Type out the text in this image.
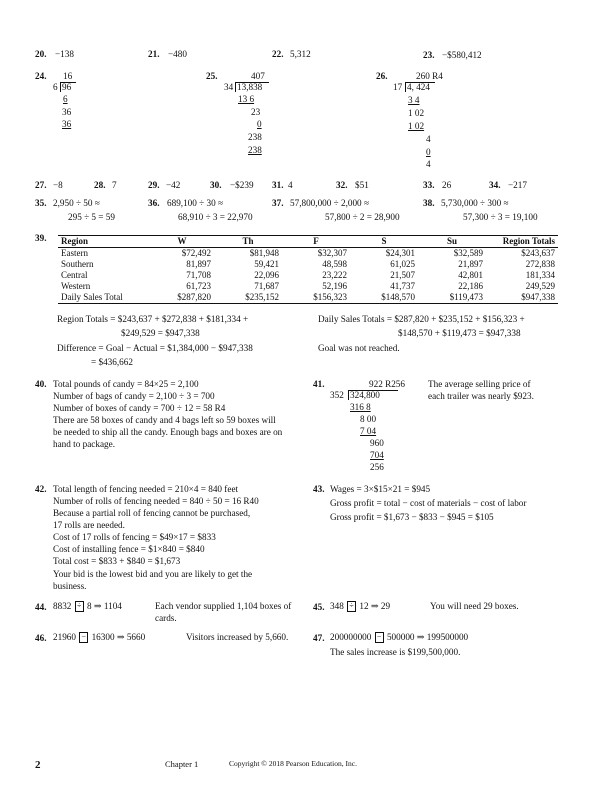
20. −138	21. −480	22. 5,312	23. −$580,412
24. 16
6 96
6
36
36
25.	407
34 13,838
13 6
23
0
238
238
26.	260 R4
17 4, 424
3 4
1 02
1 02
4
0
4
27. −8	28. 7	29. −42	30. −$239 31. 4	32. $51	33. 26	34. −217
35. 2,950 ÷ 50 ≈
295 ÷ 5 = 59
36. 689,100 ÷ 30 ≈
68,910 ÷ 3 = 22,970
37. 57,800,000 ÷ 2,000 ≈
57,800 ÷ 2 = 28,900
38. 5,730,000 ÷ 300 ≈
57,300 ÷ 3 = 19,100
39. Region	W	Th	F	S	Su	Region Totals
Eastern	$72,492	$81,948	$32,307	$24,301	$32,589	$243,637
Southern	81,897	59,421	48,598	61,025	21,897	272,838
Central	71,708	22,096	23,222	21,507	42,801	181,334
Western	61,723	71,687	52,196	41,737	22,186	249,529
Daily Sales Total	$287,820	$235,152	$156,323	$148,570	$119,473	$947,338
Region Totals = $243,637 + $272,838 + $181,334 +
$249,529 = $947,338
Difference = Goal − Actual = $1,384,000 − $947,338
= $436,662
Daily Sales Totals = $287,820 + $235,152 + $156,323 +
$148,570 + $119,473 = $947,338
Goal was not reached.
40. Total pounds of candy = 84×25 = 2,100
Number of bags of candy = 2,100 ÷ 3 = 700
Number of boxes of candy = 700 ÷ 12 = 58 R4
There are 58 boxes of candy and 4 bags left so 59 boxes will
be needed to ship all the candy. Enough bags and boxes are on
hand to package.
41.	922 R256
352 324,800
316 8
8 00
7 04
960
704
256
The average selling price of
each trailer was nearly $923.
42. Total length of fencing needed = 210×4 = 840 feet
Number of rolls of fencing needed = 840 ÷ 50 = 16 R40
Because a partial roll of fencing cannot be purchased,
17 rolls are needed.
Cost of 17 rolls of fencing = $49×17 = $833
Cost of installing fence = $1×840 = $840
Total cost = $833 + $840 = $1,673
Your bid is the lowest bid and you are likely to get the
business.
43. Wages = 3×$15×21 = $945
Gross profit = total − cost of materials − cost of labor
Gross profit = $1,673 − $833 − $945 = $105
44. 8832 ÷ 8 ⇒ 1104	Each vendor supplied 1,104 boxes of
cards.
45. 348 ÷ 12 ⇒ 29	You will need 29 boxes.
46. 21960 − 16300 ⇒ 5660	Visitors increased by 5,660.	47. 200000000 − 500000 ⇒ 199500000
The sales increase is $199,500,000.
2	Chapter 1	Copyright © 2018 Pearson Education, Inc.
